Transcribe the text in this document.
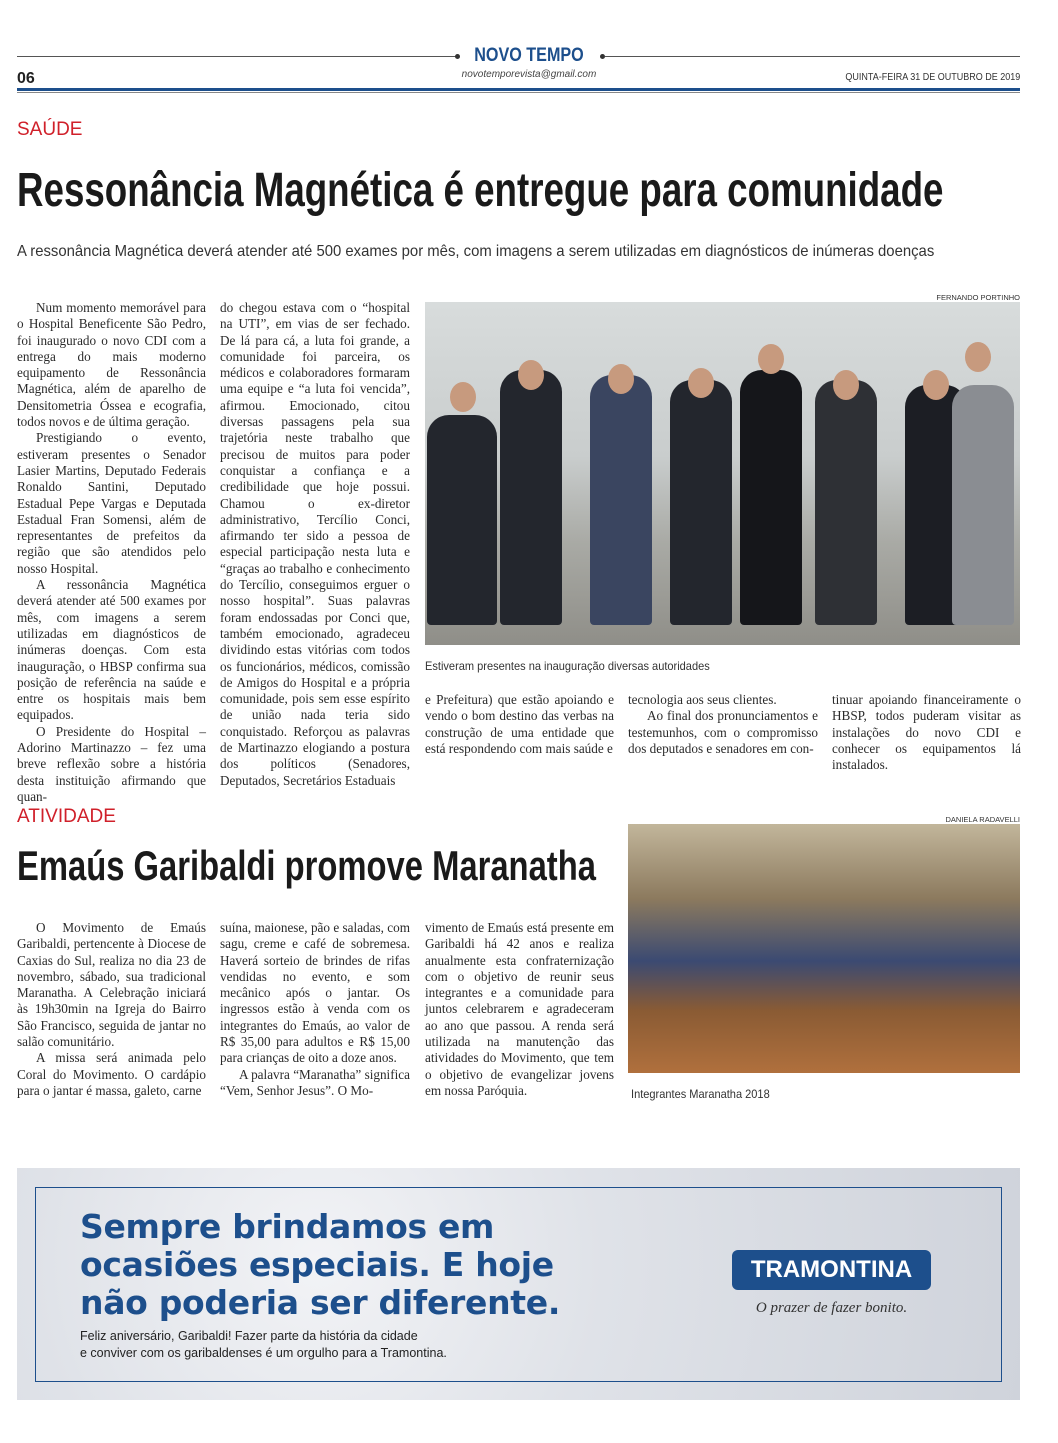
NOVO TEMPO
novotemporevista@gmail.com
06	QUINTA-FEIRA 31 DE OUTUBRO DE 2019
SAÚDE
Ressonância Magnética é entregue para comunidade
A ressonância Magnética deverá atender até 500 exames por mês, com imagens a serem utilizadas em diagnósticos de inúmeras doenças

Num momento memorável para o Hospital Beneficente São Pedro, foi inaugurado o novo CDI com a entrega do mais moderno equipamento de Ressonância Magnética, além de aparelho de Densitometria Óssea e ecografia, todos novos e de última geração.

Prestigiando o evento, estiveram presentes o Senador Lasier Martins, Deputado Federais Ronaldo Santini, Deputado Estadual Pepe Vargas e Deputada Estadual Fran Somensi, além de representantes de prefeitos da região que são atendidos pelo nosso Hospital.

A ressonância Magnética deverá atender até 500 exames por mês, com imagens a serem utilizadas em diagnósticos de inúmeras doenças. Com esta inauguração, o HBSP confirma sua posição de referência na saúde e entre os hospitais mais bem equipados.

O Presidente do Hospital – Adorino Martinazzo – fez uma breve reflexão sobre a história desta instituição afirmando que quan-

do chegou estava com o “hospital na UTI”, em vias de ser fechado. De lá para cá, a luta foi grande, a comunidade foi parceira, os médicos e colaboradores formaram uma equipe e “a luta foi vencida”, afirmou. Emocionado, citou diversas passagens pela sua trajetória neste trabalho que precisou de muitos para poder conquistar a confiança e a credibilidade que hoje possui. Chamou o ex-diretor administrativo, Tercílio Conci, afirmando ter sido a pessoa de especial participação nesta luta e “graças ao trabalho e conhecimento do Tercílio, conseguimos erguer o nosso hospital”. Suas palavras foram endossadas por Conci que, também emocionado, agradeceu dividindo estas vitórias com todos os funcionários, médicos, comissão de Amigos do Hospital e a própria comunidade, pois sem esse espírito de união nada teria sido conquistado. Reforçou as palavras de Martinazzo elogiando a postura dos políticos (Senadores, Deputados, Secretários Estaduais

FERNANDO PORTINHO
Estiveram presentes na inauguração diversas autoridades

e Prefeitura) que estão apoiando e vendo o bom destino das verbas na construção de uma entidade que está respondendo com mais saúde e

tecnologia aos seus clientes.

Ao final dos pronunciamentos e testemunhos, com o compromisso dos deputados e senadores em con-

tinuar apoiando financeiramente o HBSP, todos puderam visitar as instalações do novo CDI e conhecer os equipamentos lá instalados.

ATIVIDADE
Emaús Garibaldi promove Maranatha

O Movimento de Emaús Garibaldi, pertencente à Diocese de Caxias do Sul, realiza no dia 23 de novembro, sábado, sua tradicional Maranatha. A Celebração iniciará às 19h30min na Igreja do Bairro São Francisco, seguida de jantar no salão comunitário.

A missa será animada pelo Coral do Movimento. O cardápio para o jantar é massa, galeto, carne

suína, maionese, pão e saladas, com sagu, creme e café de sobremesa. Haverá sorteio de brindes de rifas vendidas no evento, e som mecânico após o jantar. Os ingressos estão à venda com os integrantes do Emaús, ao valor de R$ 35,00 para adultos e R$ 15,00 para crianças de oito a doze anos.

A palavra “Maranatha” significa “Vem, Senhor Jesus”. O Mo-

vimento de Emaús está presente em Garibaldi há 42 anos e realiza anualmente esta confraternização com o objetivo de reunir seus integrantes e a comunidade para juntos celebrarem e agradeceram ao ano que passou. A renda será utilizada na manutenção das atividades do Movimento, que tem o objetivo de evangelizar jovens em nossa Paróquia.

DANIELA RADAVELLI
Integrantes Maranatha 2018
Sempre brindamos em
ocasiões especiais. E hoje
não poderia ser diferente.
Feliz aniversário, Garibaldi! Fazer parte da história da cidade
e conviver com os garibaldenses é um orgulho para a Tramontina.
TRAMONTINA
O prazer de fazer bonito.
